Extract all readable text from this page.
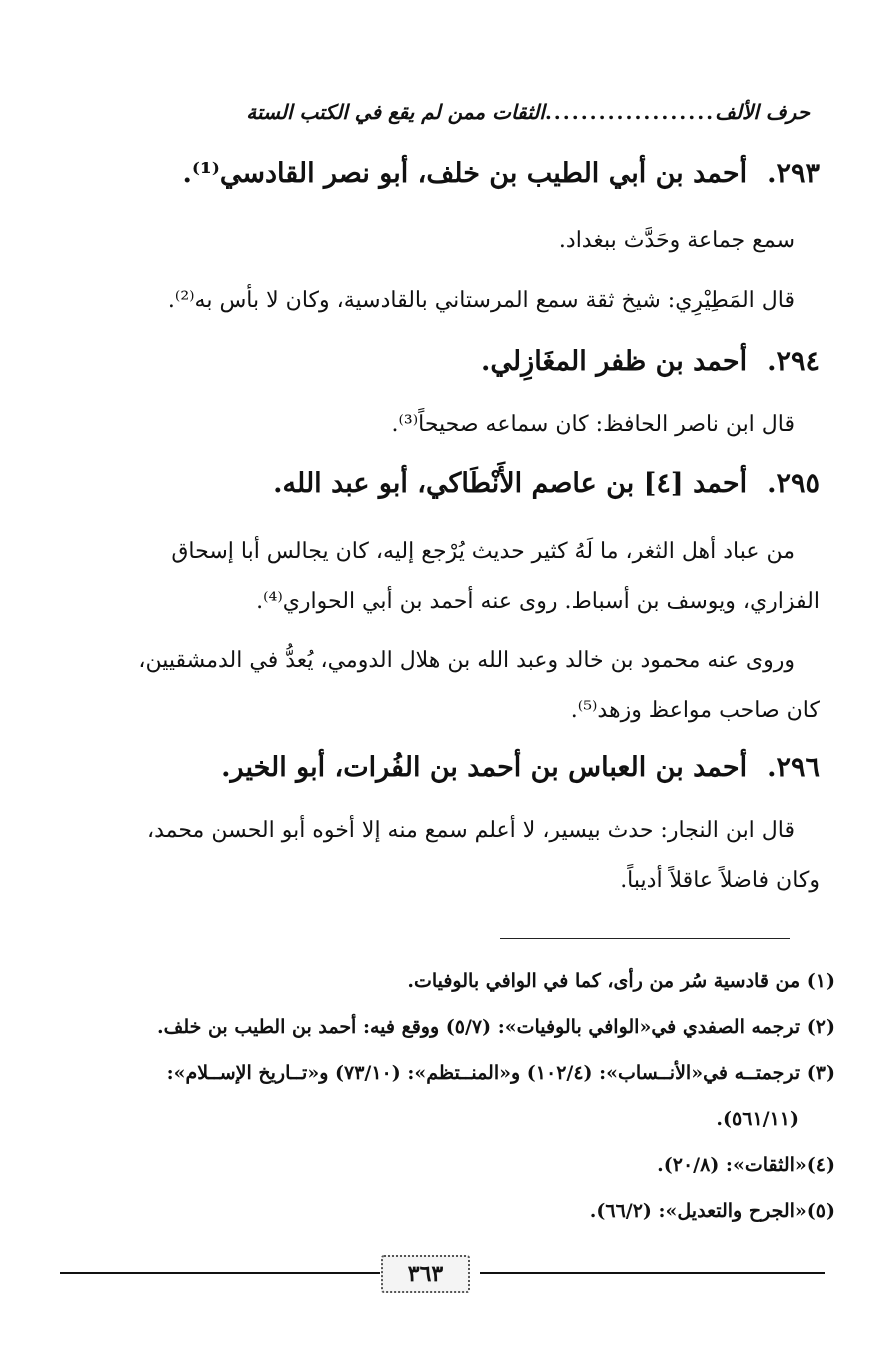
حرف الألف
...................
الثقات ممن لم يقع في الكتب الستة
٢٩٣.أحمد بن أبي الطيب بن خلف، أبو نصر القادسي⁽¹⁾.
سمع جماعة وحَدَّث ببغداد.
قال المَطِيْرِي: شيخ ثقة سمع المرستاني بالقادسية، وكان لا بأس به⁽²⁾.
٢٩٤.أحمد بن ظفر المغَازِلي.
قال ابن ناصر الحافظ: كان سماعه صحيحاً⁽³⁾.
٢٩٥.أحمد [٤] بن عاصم الأَنْطَاكي، أبو عبد الله.
من عباد أهل الثغر، ما لَهُ كثير حديث يُرْجع إليه، كان يجالس أبا إسحاق
الفزاري، ويوسف بن أسباط. روى عنه أحمد بن أبي الحواري⁽⁴⁾.
وروى عنه محمود بن خالد وعبد الله بن هلال الدومي، يُعدُّ في الدمشقيين،
كان صاحب مواعظ وزهد⁽⁵⁾.
٢٩٦.أحمد بن العباس بن أحمد بن الفُرات، أبو الخير.
قال ابن النجار: حدث بيسير، لا أعلم سمع منه إلا أخوه أبو الحسن محمد،
وكان فاضلاً عاقلاً أديباً.
(١) من قادسية سُر من رأى، كما في الوافي بالوفيات.
(٢) ترجمه الصفدي في«الوافي بالوفيات»: (٥/٧) ووقع فيه: أحمد بن الطيب بن خلف.
(٣) ترجمتــه في«الأنــساب»: (١٠٢/٤) و«المنــتظم»: (٧٣/١٠) و«تــاريخ الإســلام»:
(٥٦١/١١).
(٤)«الثقات»: (٢٠/٨).
(٥)«الجرح والتعديل»: (٦٦/٢).
٣٦٣
